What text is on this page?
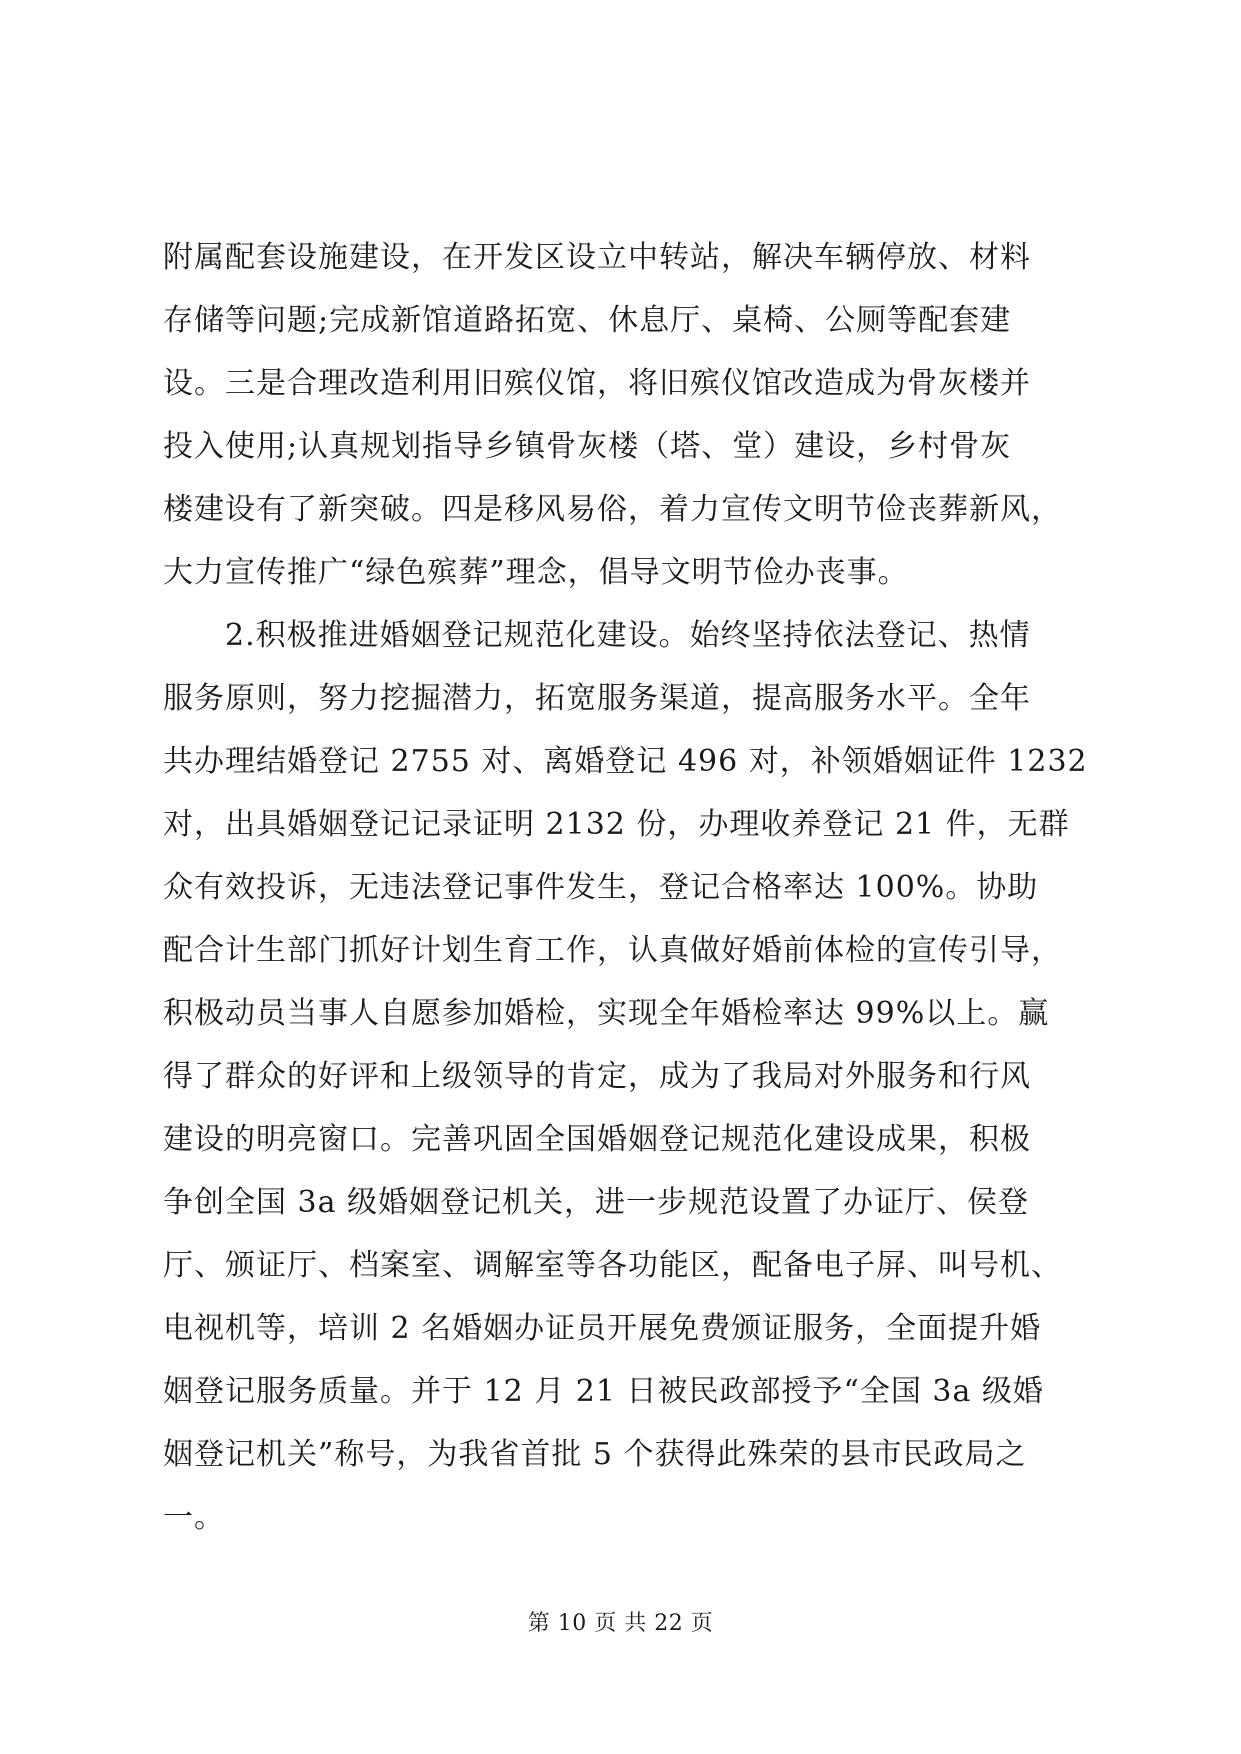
附属配套设施建设，在开发区设立中转站，解决车辆停放、材料
存储等问题;完成新馆道路拓宽、休息厅、桌椅、公厕等配套建
设。三是合理改造利用旧殡仪馆，将旧殡仪馆改造成为骨灰楼并
投入使用;认真规划指导乡镇骨灰楼（塔、堂）建设，乡村骨灰
楼建设有了新突破。四是移风易俗，着力宣传文明节俭丧葬新风，
大力宣传推广“绿色殡葬”理念，倡导文明节俭办丧事。
　　2.积极推进婚姻登记规范化建设。始终坚持依法登记、热情
服务原则，努力挖掘潜力，拓宽服务渠道，提高服务水平。全年
共办理结婚登记 2755 对、离婚登记 496 对，补领婚姻证件 1232
对，出具婚姻登记记录证明 2132 份，办理收养登记 21 件，无群
众有效投诉，无违法登记事件发生，登记合格率达 100%。协助
配合计生部门抓好计划生育工作，认真做好婚前体检的宣传引导，
积极动员当事人自愿参加婚检，实现全年婚检率达 99%以上。赢
得了群众的好评和上级领导的肯定，成为了我局对外服务和行风
建设的明亮窗口。完善巩固全国婚姻登记规范化建设成果，积极
争创全国 3a 级婚姻登记机关，进一步规范设置了办证厅、侯登
厅、颁证厅、档案室、调解室等各功能区，配备电子屏、叫号机、
电视机等，培训 2 名婚姻办证员开展免费颁证服务，全面提升婚
姻登记服务质量。并于 12 月 21 日被民政部授予“全国 3a 级婚
姻登记机关”称号，为我省首批 5 个获得此殊荣的县市民政局之
一。
第 10 页 共 22 页
